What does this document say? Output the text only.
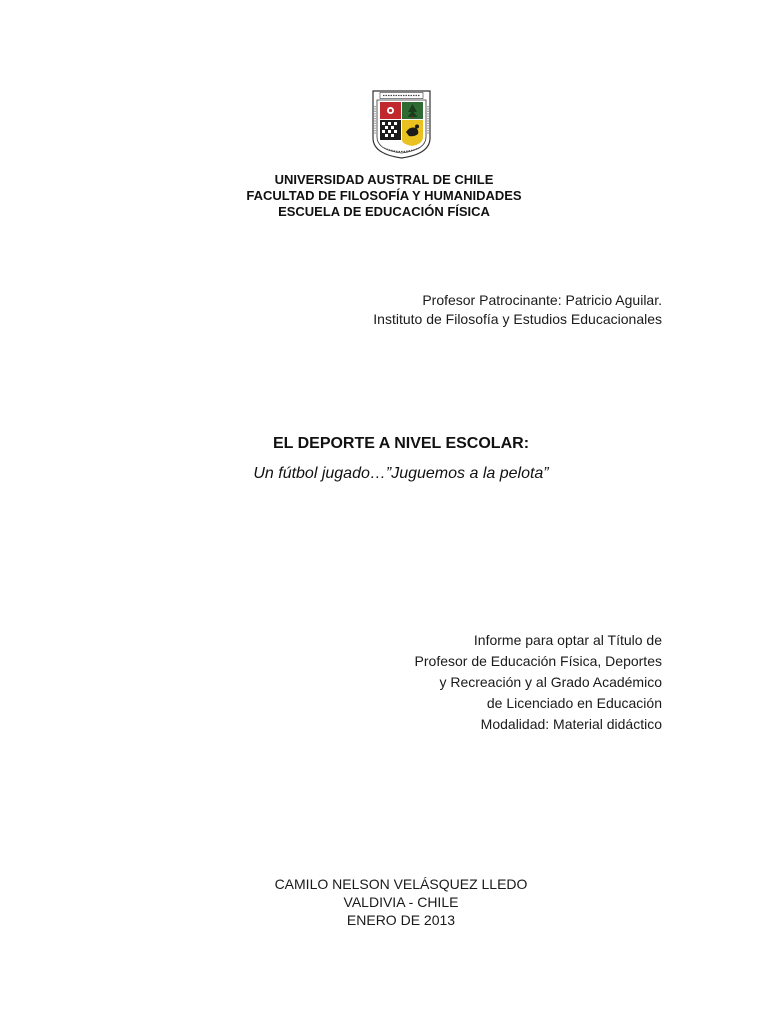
UNIVERSIDAD AUSTRAL DE CHILE
FACULTAD DE FILOSOFÍA Y HUMANIDADES
ESCUELA DE EDUCACIÓN FÍSICA
Profesor Patrocinante: Patricio Aguilar.
Instituto de Filosofía y Estudios Educacionales
EL DEPORTE A NIVEL ESCOLAR:
Un fútbol jugado…”Juguemos a la pelota”
Informe para optar al Título de
Profesor de Educación Física, Deportes
y Recreación y al Grado Académico
de Licenciado en Educación
Modalidad: Material didáctico
CAMILO NELSON VELÁSQUEZ LLEDO
VALDIVIA - CHILE
ENERO DE 2013
